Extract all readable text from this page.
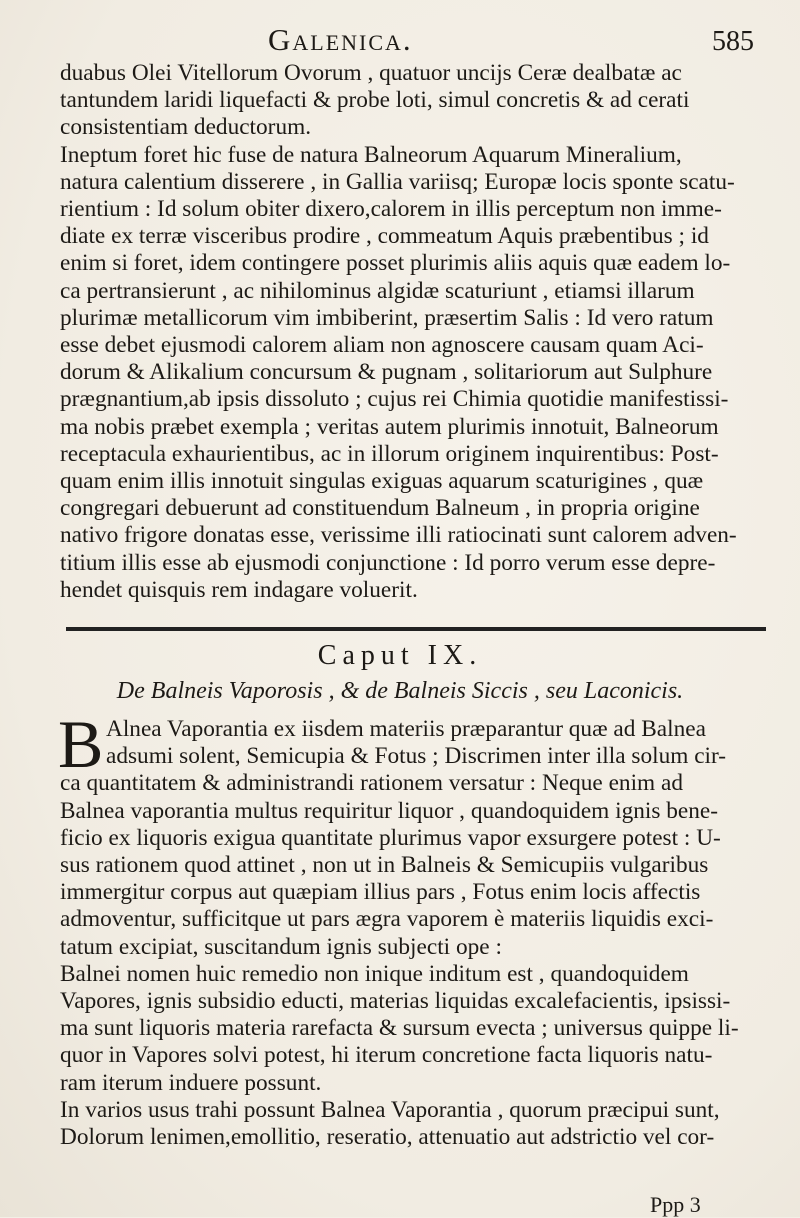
Galenica.	585
duabus Olei Vitellorum Ovorum , quatuor uncijs Ceræ dealbatæ ac
tantundem laridi liquefacti & probe loti, simul concretis & ad cerati
consistentiam deductorum.
Ineptum foret hic fuse de natura Balneorum Aquarum Mineralium,
natura calentium disserere , in Gallia variisq; Europæ locis sponte scatu-
rientium : Id solum obiter dixero,calorem in illis perceptum non imme-
diate ex terræ visceribus prodire , commeatum Aquis præbentibus ; id
enim si foret, idem contingere posset plurimis aliis aquis quæ eadem lo-
ca pertransierunt , ac nihilominus algidæ scaturiunt , etiamsi illarum
plurimæ metallicorum vim imbiberint, præsertim Salis : Id vero ratum
esse debet ejusmodi calorem aliam non agnoscere causam quam Aci-
dorum & Alikalium concursum & pugnam , solitariorum aut Sulphure
prægnantium,ab ipsis dissoluto ; cujus rei Chimia quotidie manifestissi-
ma nobis præbet exempla ; veritas autem plurimis innotuit, Balneorum
receptacula exhaurientibus, ac in illorum originem inquirentibus: Post-
quam enim illis innotuit singulas exiguas aquarum scaturigines , quæ
congregari debuerunt ad constituendum Balneum , in propria origine
nativo frigore donatas esse, verissime illi ratiocinati sunt calorem adven-
titium illis esse ab ejusmodi conjunctione : Id porro verum esse depre-
hendet quisquis rem indagare voluerit.
Caput IX.
De Balneis Vaporosis , & de Balneis Siccis , seu Laconicis.
B Alnea Vaporantia ex iisdem materiis præparantur quæ ad Balnea
adsumi solent, Semicupia & Fotus ; Discrimen inter illa solum cir-
ca quantitatem & administrandi rationem versatur : Neque enim ad
Balnea vaporantia multus requiritur liquor , quandoquidem ignis bene-
ficio ex liquoris exigua quantitate plurimus vapor exsurgere potest : U-
sus rationem quod attinet , non ut in Balneis & Semicupiis vulgaribus
immergitur corpus aut quæpiam illius pars , Fotus enim locis affectis
admoventur, sufficitque ut pars ægra vaporem è materiis liquidis exci-
tatum excipiat, suscitandum ignis subjecti ope :
Balnei nomen huic remedio non inique inditum est , quandoquidem
Vapores, ignis subsidio educti, materias liquidas excalefacientis, ipsissi-
ma sunt liquoris materia rarefacta & sursum evecta ; universus quippe li-
quor in Vapores solvi potest, hi iterum concretione facta liquoris natu-
ram iterum induere possunt.
In varios usus trahi possunt Balnea Vaporantia , quorum præcipui sunt,
Dolorum lenimen,emollitio, reseratio, attenuatio aut adstrictio vel cor-
Ppp 3
